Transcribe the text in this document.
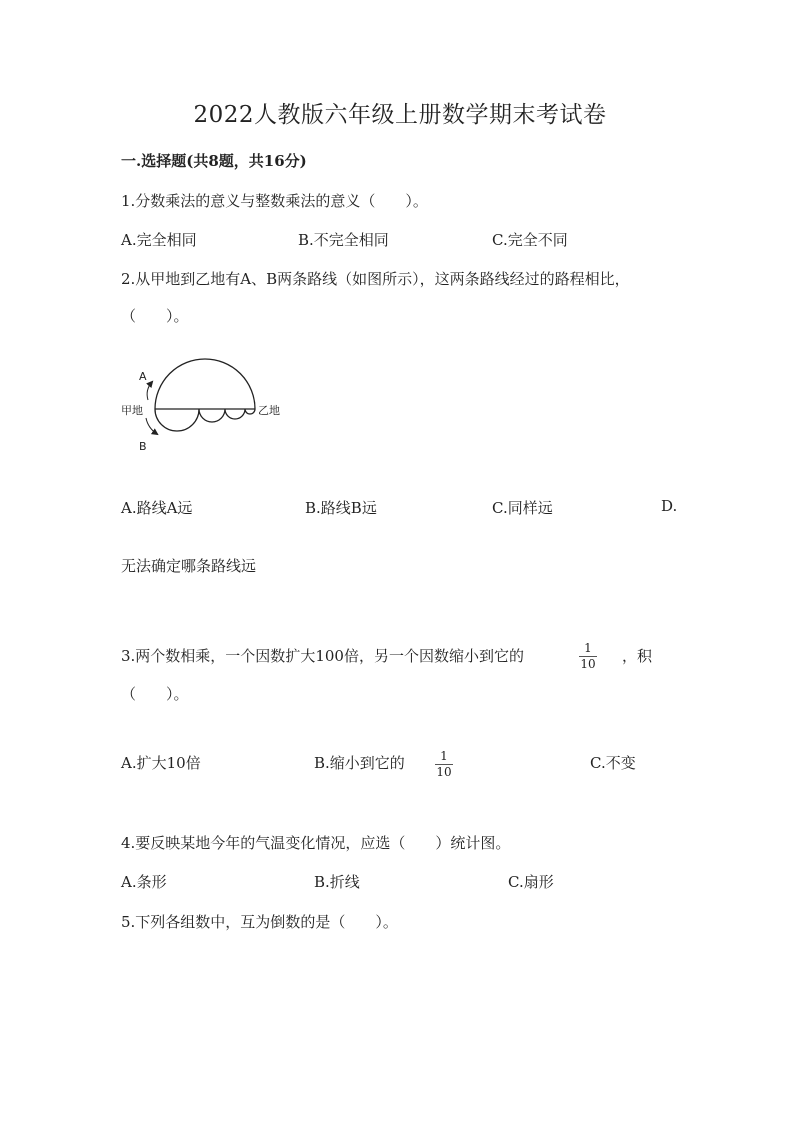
2022人教版六年级上册数学期末考试卷
一.选择题(共8题，共16分)
1.分数乘法的意义与整数乘法的意义（　　）。
A.完全相同	B.不完全相同	C.完全不同
2.从甲地到乙地有A、B两条路线（如图所示），这两条路线经过的路程相比，
（　　）。
A
B
甲地	乙地
A.路线A远	B.路线B远	C.同样远	D.
无法确定哪条路线远
3.两个数相乘，一个因数扩大100倍，另一个因数缩小到它的	$\frac{1}{10}$ ，积
（　　）。
A.扩大10倍	B.缩小到它的	$\frac{1}{10}$	C.不变
4.要反映某地今年的气温变化情况，应选（　　）统计图。
A.条形	B.折线	C.扇形
5.下列各组数中，互为倒数的是（　　）。
